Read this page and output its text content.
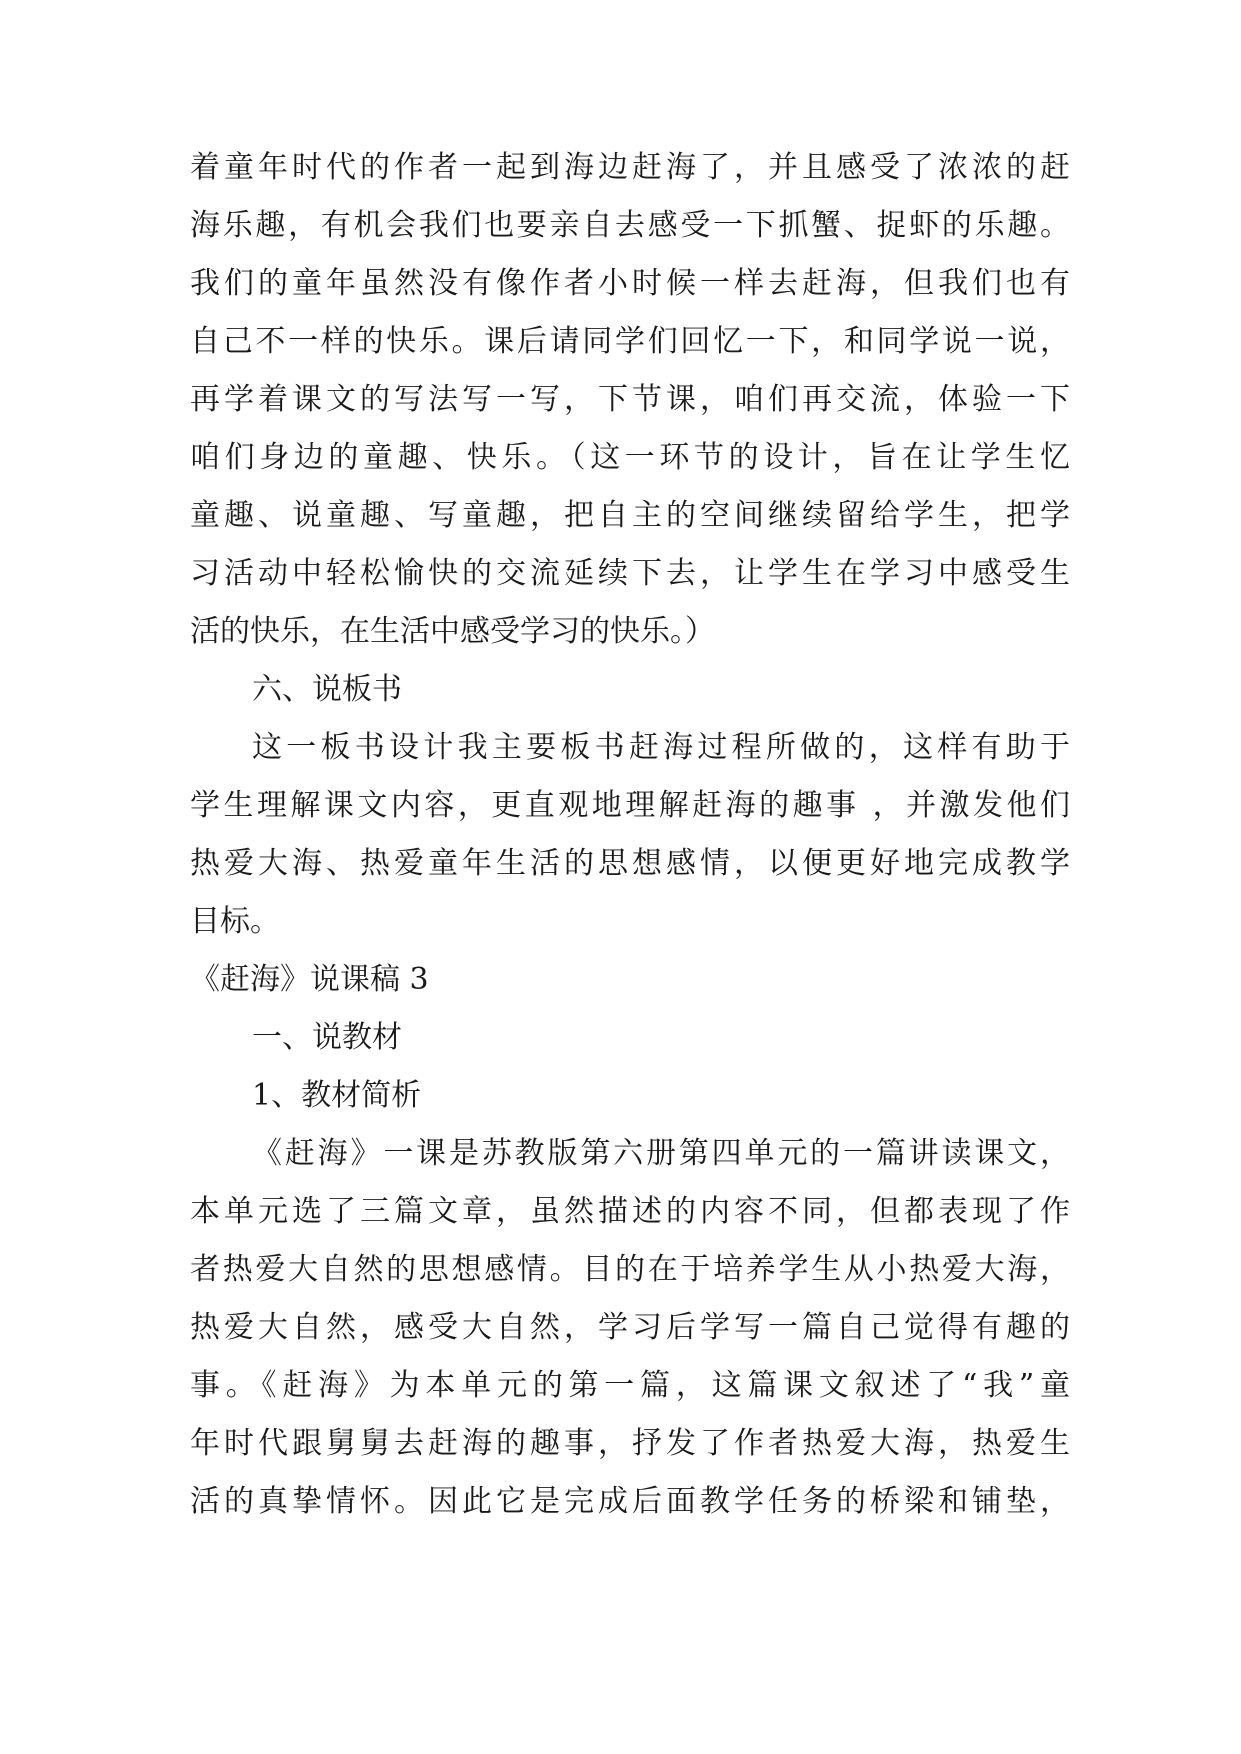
着童年时代的作者一起到海边赶海了，并且感受了浓浓的赶
海乐趣，有机会我们也要亲自去感受一下抓蟹、捉虾的乐趣。
我们的童年虽然没有像作者小时候一样去赶海，但我们也有
自己不一样的快乐。课后请同学们回忆一下，和同学说一说，
再学着课文的写法写一写，下节课，咱们再交流，体验一下
咱们身边的童趣、快乐。（这一环节的设计，旨在让学生忆
童趣、说童趣、写童趣，把自主的空间继续留给学生，把学
习活动中轻松愉快的交流延续下去，让学生在学习中感受生
活的快乐，在生活中感受学习的快乐。）
六、说板书
这一板书设计我主要板书赶海过程所做的，这样有助于
学生理解课文内容，更直观地理解赶海的趣事 ，并激发他们
热爱大海、热爱童年生活的思想感情，以便更好地完成教学
目标。
《赶海》说课稿 3
一、说教材
1、教材简析
《赶海》一课是苏教版第六册第四单元的一篇讲读课文，
本单元选了三篇文章，虽然描述的内容不同，但都表现了作
者热爱大自然的思想感情。目的在于培养学生从小热爱大海，
热爱大自然，感受大自然，学习后学写一篇自己觉得有趣的
事。《赶海》为本单元的第一篇，这篇课文叙述了“我”童
年时代跟舅舅去赶海的趣事，抒发了作者热爱大海，热爱生
活的真挚情怀。因此它是完成后面教学任务的桥梁和铺垫，
